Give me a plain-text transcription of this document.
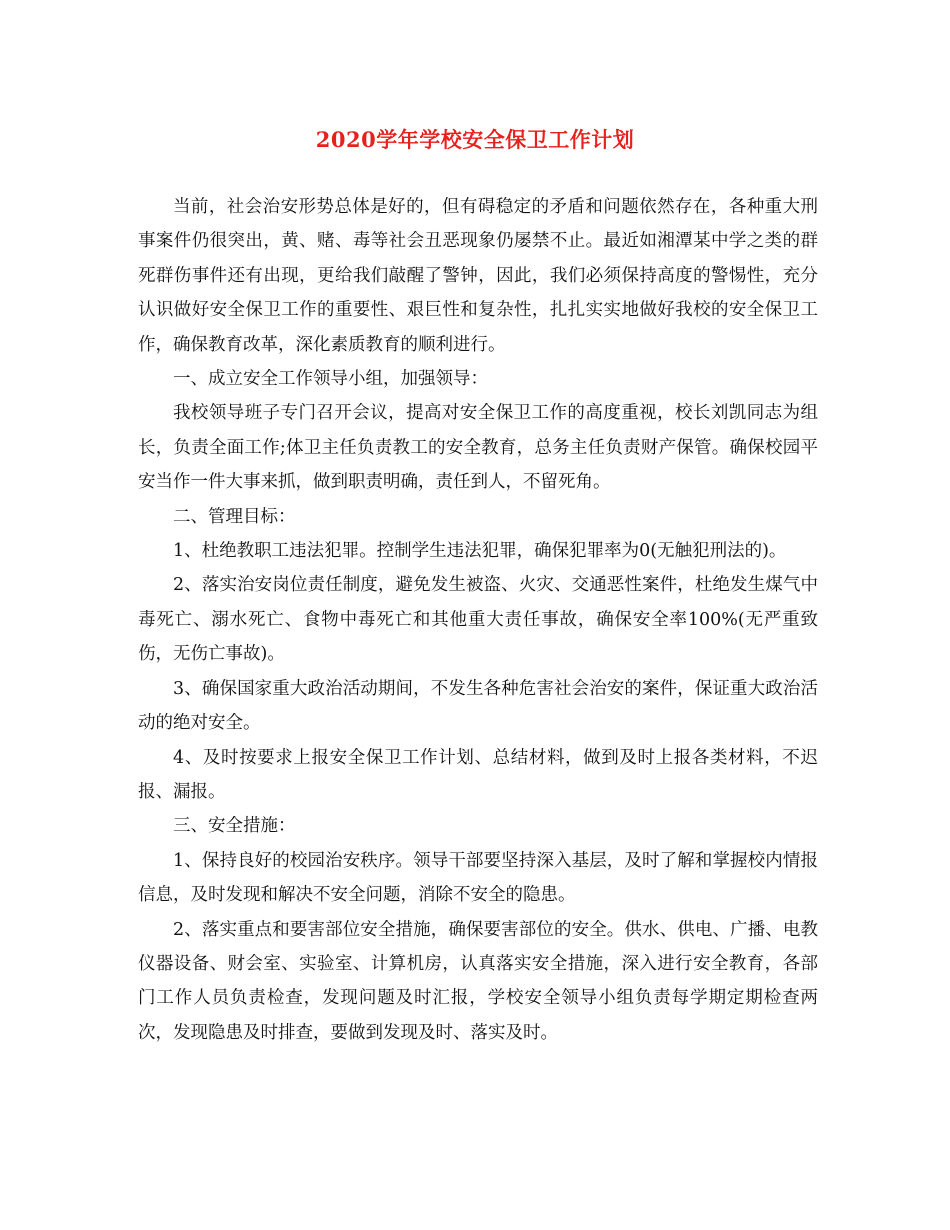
2020学年学校安全保卫工作计划

当前，社会治安形势总体是好的，但有碍稳定的矛盾和问题依然存在，各种重大刑事案件仍很突出，黄、赌、毒等社会丑恶现象仍屡禁不止。最近如湘潭某中学之类的群死群伤事件还有出现，更给我们敲醒了警钟，因此，我们必须保持高度的警惕性，充分认识做好安全保卫工作的重要性、艰巨性和复杂性，扎扎实实地做好我校的安全保卫工作，确保教育改革，深化素质教育的顺利进行。

一、成立安全工作领导小组，加强领导：

我校领导班子专门召开会议，提高对安全保卫工作的高度重视，校长刘凯同志为组长，负责全面工作;体卫主任负责教工的安全教育，总务主任负责财产保管。确保校园平安当作一件大事来抓，做到职责明确，责任到人，不留死角。

二、管理目标：

1、杜绝教职工违法犯罪。控制学生违法犯罪，确保犯罪率为0(无触犯刑法的)。

2、落实治安岗位责任制度，避免发生被盗、火灾、交通恶性案件，杜绝发生煤气中毒死亡、溺水死亡、食物中毒死亡和其他重大责任事故，确保安全率100%(无严重致伤，无伤亡事故)。

3、确保国家重大政治活动期间，不发生各种危害社会治安的案件，保证重大政治活动的绝对安全。

4、及时按要求上报安全保卫工作计划、总结材料，做到及时上报各类材料，不迟报、漏报。

三、安全措施：

1、保持良好的校园治安秩序。领导干部要坚持深入基层，及时了解和掌握校内情报信息，及时发现和解决不安全问题，消除不安全的隐患。

2、落实重点和要害部位安全措施，确保要害部位的安全。供水、供电、广播、电教仪器设备、财会室、实验室、计算机房，认真落实安全措施，深入进行安全教育，各部门工作人员负责检查，发现问题及时汇报，学校安全领导小组负责每学期定期检查两次，发现隐患及时排查，要做到发现及时、落实及时。
